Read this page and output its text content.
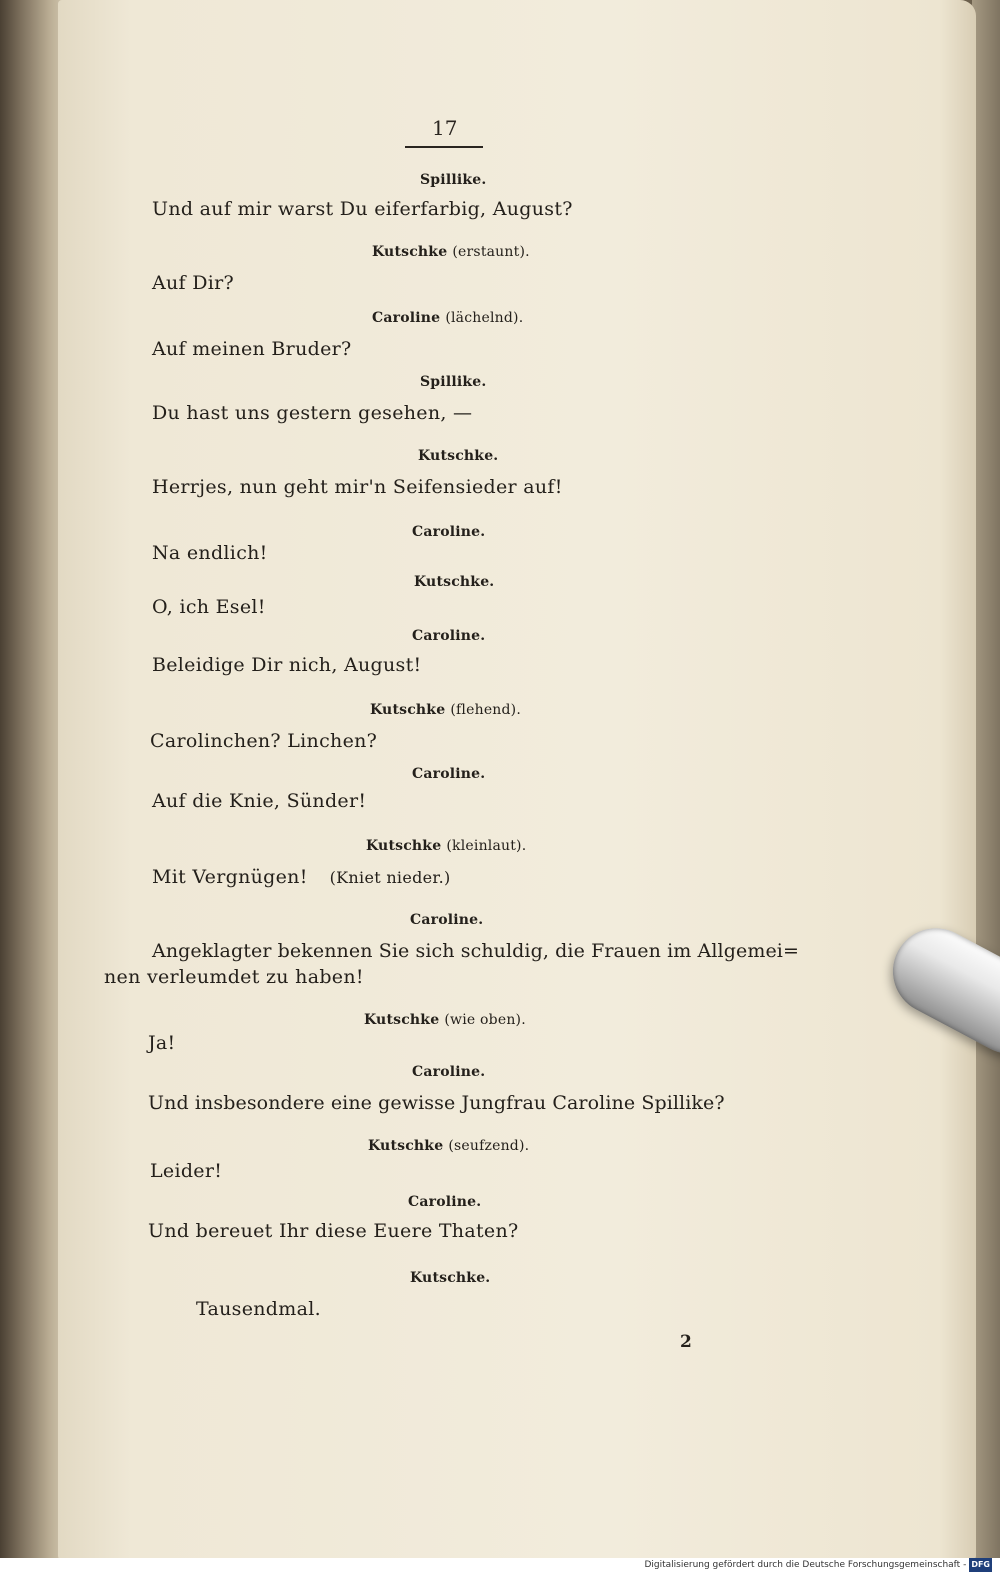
17
Spillike.
Und auf mir warst Du eiferfarbig, August?
Kutschke (erstaunt).
Auf Dir?
Caroline (lächelnd).
Auf meinen Bruder?
Spillike.
Du hast uns gestern gesehen, —
Kutschke.
Herrjes, nun geht mir'n Seifensieder auf!
Caroline.
Na endlich!
Kutschke.
O, ich Esel!
Caroline.
Beleidige Dir nich, August!
Kutschke (flehend).
Carolinchen? Linchen?
Caroline.
Auf die Knie, Sünder!
Kutschke (kleinlaut).
Mit Vergnügen! (Kniet nieder.)
Caroline.
Angeklagter bekennen Sie sich schuldig, die Frauen im Allgemei=
nen verleumdet zu haben!
Kutschke (wie oben).
Ja!
Caroline.
Und insbesondere eine gewisse Jungfrau Caroline Spillike?
Kutschke (seufzend).
Leider!
Caroline.
Und bereuet Ihr diese Euere Thaten?
Kutschke.
Tausendmal.
2
Digitalisierung gefördert durch die Deutsche Forschungsgemeinschaft - DFG
